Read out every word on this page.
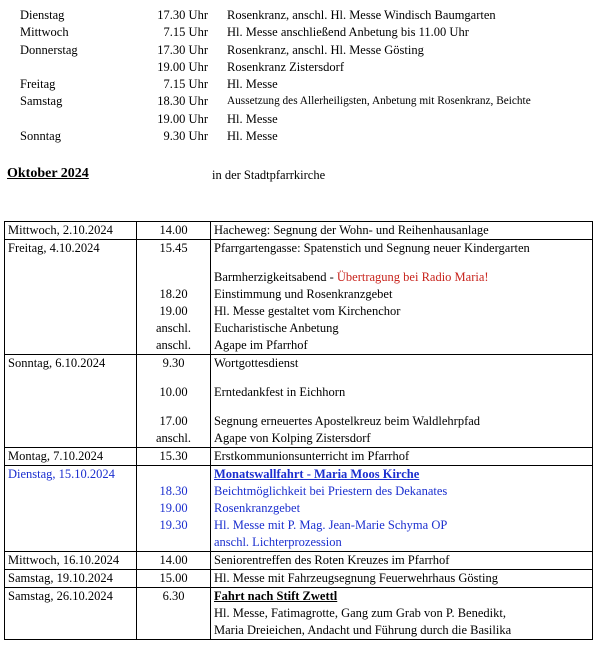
Dienstag	17.30 Uhr Rosenkranz, anschl. Hl. Messe Windisch Baumgarten
Mittwoch	7.15 Uhr Hl. Messe anschließend Anbetung bis 11.00 Uhr
Donnerstag	17.30 Uhr Rosenkranz, anschl. Hl. Messe Gösting
19.00 Uhr Rosenkranz Zistersdorf
Freitag	7.15 Uhr Hl. Messe
Samstag	18.30 Uhr Aussetzung des Allerheiligsten, Anbetung mit Rosenkranz, Beichte
19.00 Uhr Hl. Messe
Sonntag	9.30 Uhr Hl. Messe
Oktober 2024	in der Stadtpfarrkirche
Mittwoch, 2.10.2024	14.00	Hacheweg: Segnung der Wohn- und Reihenhausanlage
Freitag, 4.10.2024	15.45	Pfarrgartengasse: Spatenstich und Segnung neuer Kindergarten

		Barmherzigkeitsabend - Übertragung bei Radio Maria!
	18.20	Einstimmung und Rosenkranzgebet
	19.00	Hl. Messe gestaltet vom Kirchenchor
	anschl.	Eucharistische Anbetung
	anschl.	Agape im Pfarrhof
Sonntag, 6.10.2024	9.30	Wortgottesdienst

	10.00	Erntedankfest in Eichhorn

	17.00	Segnung erneuertes Apostelkreuz beim Waldlehrpfad
	anschl.	Agape von Kolping Zistersdorf
Montag, 7.10.2024	15.30	Erstkommunionsunterricht im Pfarrhof
Dienstag, 15.10.2024		Monatswallfahrt - Maria Moos Kirche
	18.30	Beichtmöglichkeit bei Priestern des Dekanates
	19.00	Rosenkranzgebet
	19.30	Hl. Messe mit P. Mag. Jean-Marie Schyma OP
		anschl. Lichterprozession
Mittwoch, 16.10.2024	14.00	Seniorentreffen des Roten Kreuzes im Pfarrhof
Samstag, 19.10.2024	15.00	Hl. Messe mit Fahrzeugsegnung Feuerwehrhaus Gösting
Samstag, 26.10.2024	6.30	Fahrt nach Stift Zwettl
		Hl. Messe, Fatimagrotte, Gang zum Grab von P. Benedikt,
		Maria Dreieichen, Andacht und Führung durch die Basilika
